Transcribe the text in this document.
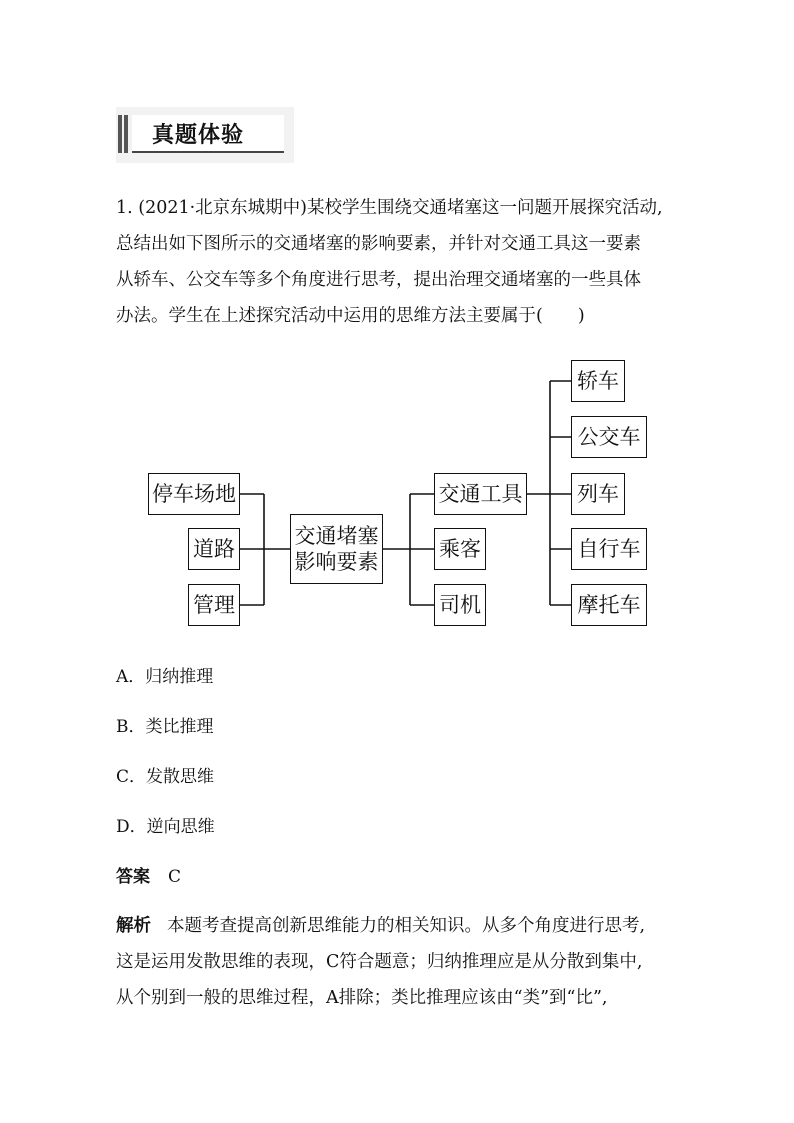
真题体验
1. (2021·北京东城期中)某校学生围绕交通堵塞这一问题开展探究活动,
总结出如下图所示的交通堵塞的影响要素，并针对交通工具这一要素
从轿车、公交车等多个角度进行思考，提出治理交通堵塞的一些具体
办法。学生在上述探究活动中运用的思维方法主要属于(　　)
停车场地
道路
管理
交通堵塞
影响要素
交通工具
乘客
司机
轿车
公交车
列车
自行车
摩托车
A．归纳推理
B．类比推理
C．发散思维
D．逆向思维
答案 C
解析 本题考查提高创新思维能力的相关知识。从多个角度进行思考,
这是运用发散思维的表现，C符合题意；归纳推理应是从分散到集中,
从个别到一般的思维过程，A排除；类比推理应该由“类”到“比”,
